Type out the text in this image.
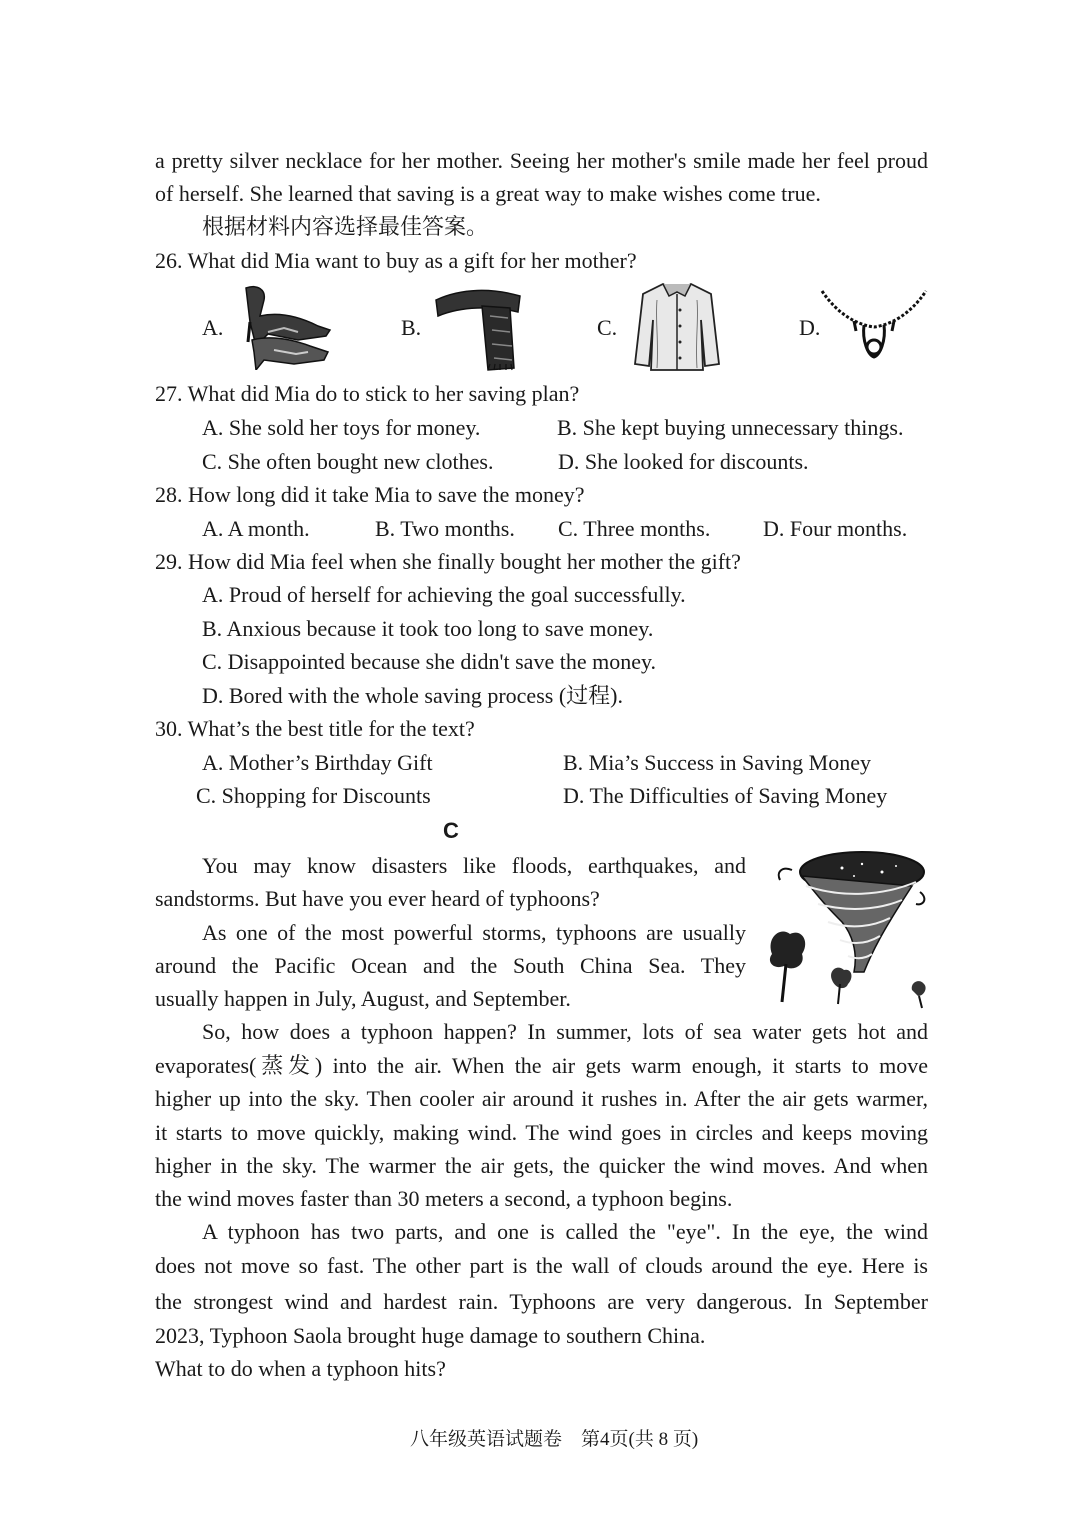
a pretty silver necklace for her mother. Seeing her mother's smile made her feel proud
of herself. She learned that saving is a great way to make wishes come true.
根据材料内容选择最佳答案。
26. What did Mia want to buy as a gift for her mother?
A.	B.	C.	D.
27. What did Mia do to stick to her saving plan?
A. She sold her toys for money.	B. She kept buying unnecessary things.
C. She often bought new clothes.	D. She looked for discounts.
28. How long did it take Mia to save the money?
A. A month.	B. Two months. C. Three months. D. Four months.
29. How did Mia feel when she finally bought her mother the gift?
A. Proud of herself for achieving the goal successfully.
B. Anxious because it took too long to save money.
C. Disappointed because she didn't save the money.
D. Bored with the whole saving process (过程).
30. What’s the best title for the text?
A. Mother’s Birthday Gift	B. Mia’s Success in Saving Money
C. Shopping for Discounts	D. The Difficulties of Saving Money
C
You may know disasters like floods, earthquakes, and
sandstorms. But have you ever heard of typhoons?
As one of the most powerful storms, typhoons are usually
around the Pacific Ocean and the South China Sea. They
usually happen in July, August, and September.
So, how does a typhoon happen? In summer, lots of sea water gets hot and
evaporates(蒸发) into the air. When the air gets warm enough, it starts to move
higher up into the sky. Then cooler air around it rushes in. After the air gets warmer,
it starts to move quickly, making wind. The wind goes in circles and keeps moving
higher in the sky. The warmer the air gets, the quicker the wind moves. And when
the wind moves faster than 30 meters a second, a typhoon begins.
A typhoon has two parts, and one is called the "eye". In the eye, the wind
does not move so fast. The other part is the wall of clouds around the eye. Here is
the strongest wind and hardest rain. Typhoons are very dangerous. In September
2023, Typhoon Saola brought huge damage to southern China.
What to do when a typhoon hits?
八年级英语试题卷　第4页(共 8 页)
